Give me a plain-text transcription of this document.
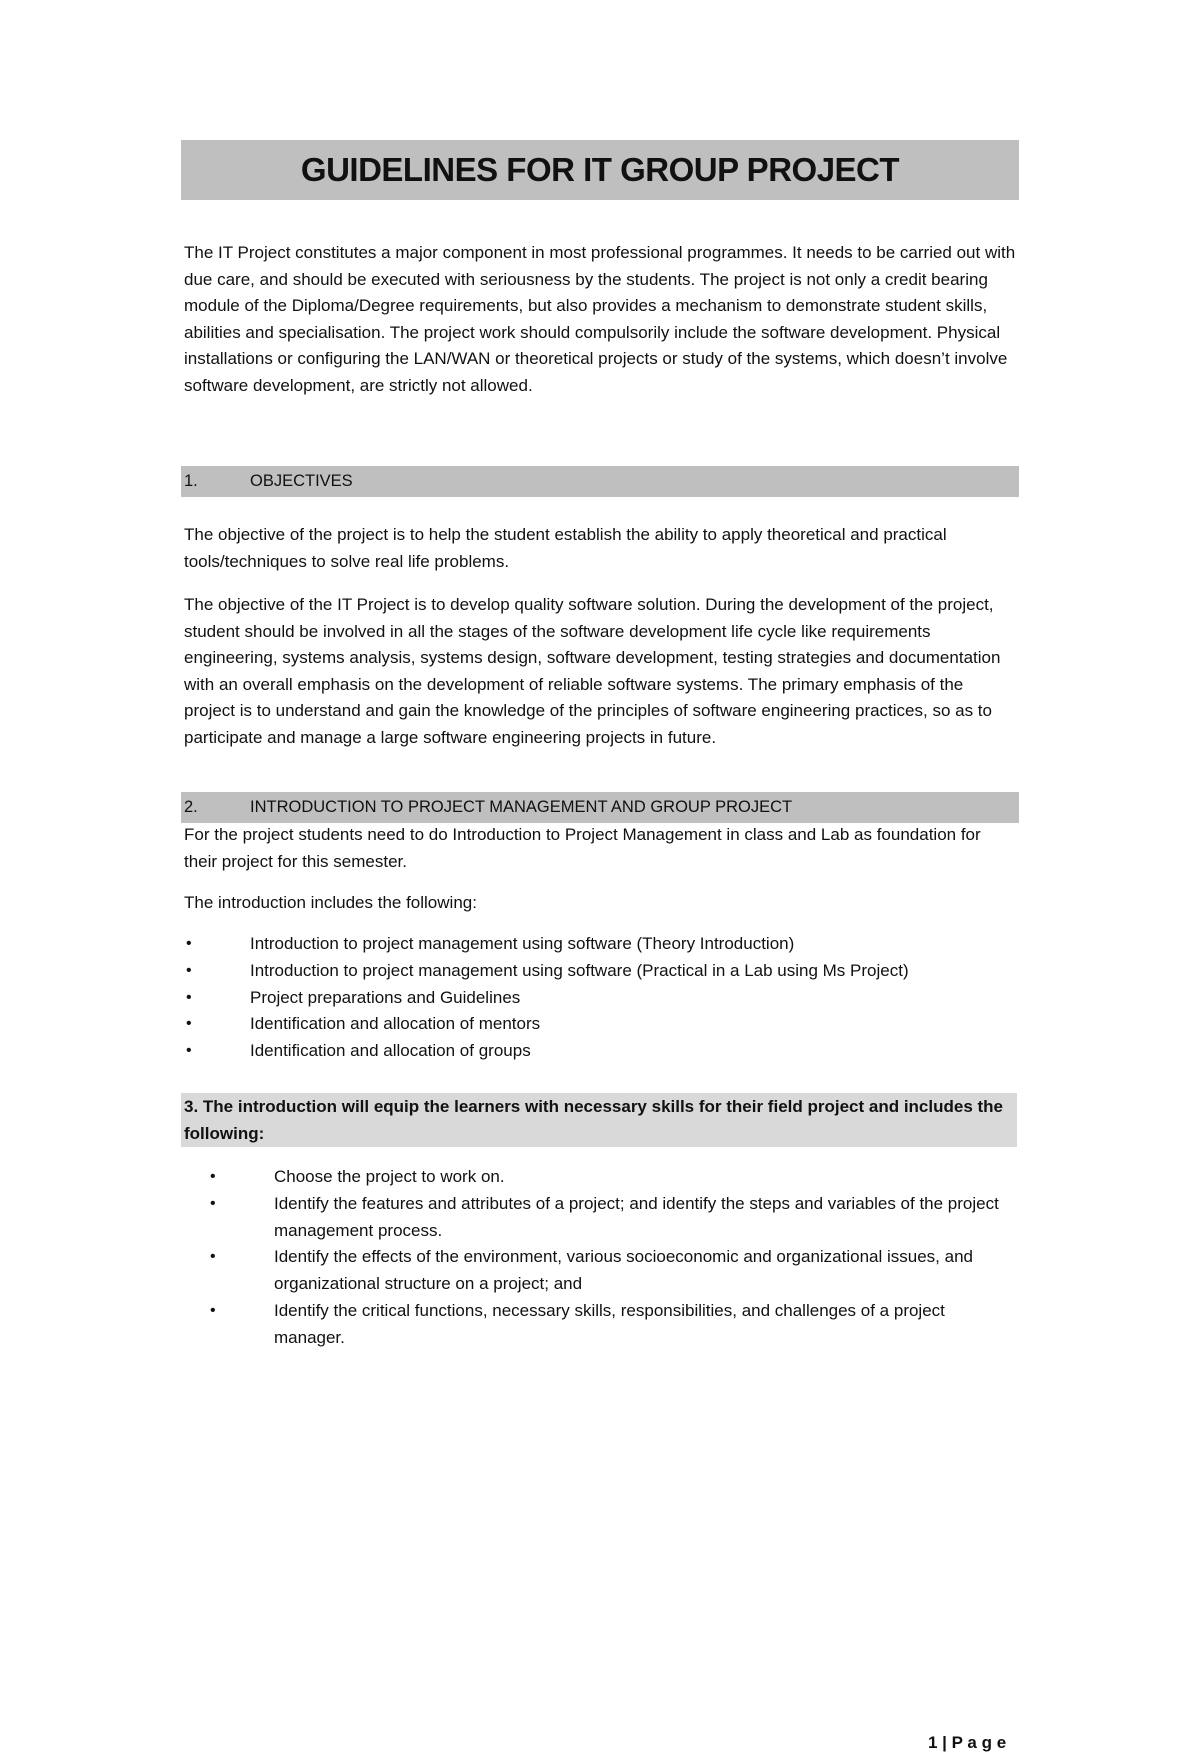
GUIDELINES FOR IT GROUP PROJECT

The IT Project constitutes a major component in most professional programmes. It needs to be carried out with due care, and should be executed with seriousness by the students. The project is not only a credit bearing module of the Diploma/Degree requirements, but also provides a mechanism to demonstrate student skills, abilities and specialisation. The project work should compulsorily include the software development. Physical installations or configuring the LAN/WAN or theoretical projects or study of the systems, which doesn’t involve software development, are strictly not allowed.

1.	OBJECTIVES

The objective of the project is to help the student establish the ability to apply theoretical and practical tools/techniques to solve real life problems.

The objective of the IT Project is to develop quality software solution. During the development of the project, student should be involved in all the stages of the software development life cycle like requirements engineering, systems analysis, systems design, software development, testing strategies and documentation with an overall emphasis on the development of reliable software systems. The primary emphasis of the project is to understand and gain the knowledge of the principles of software engineering practices, so as to participate and manage a large software engineering projects in future.

2.	INTRODUCTION TO PROJECT MANAGEMENT AND GROUP PROJECT

For the project students need to do Introduction to Project Management in class and Lab as foundation for their project for this semester.

The introduction includes the following:

•	Introduction to project management using software (Theory Introduction)
•	Introduction to project management using software (Practical in a Lab using Ms Project)
•	Project preparations and Guidelines
•	Identification and allocation of mentors
•	Identification and allocation of groups
3. The introduction will equip the learners with necessary skills for their field project and includes the following:
•	Choose the project to work on.
•	Identify the features and attributes of a project; and identify the steps and variables of the project management process.
•	Identify the effects of the environment, various socioeconomic and organizational issues, and organizational structure on a project; and
•	Identify the critical functions, necessary skills, responsibilities, and challenges of a project manager.
1 | P a g e
